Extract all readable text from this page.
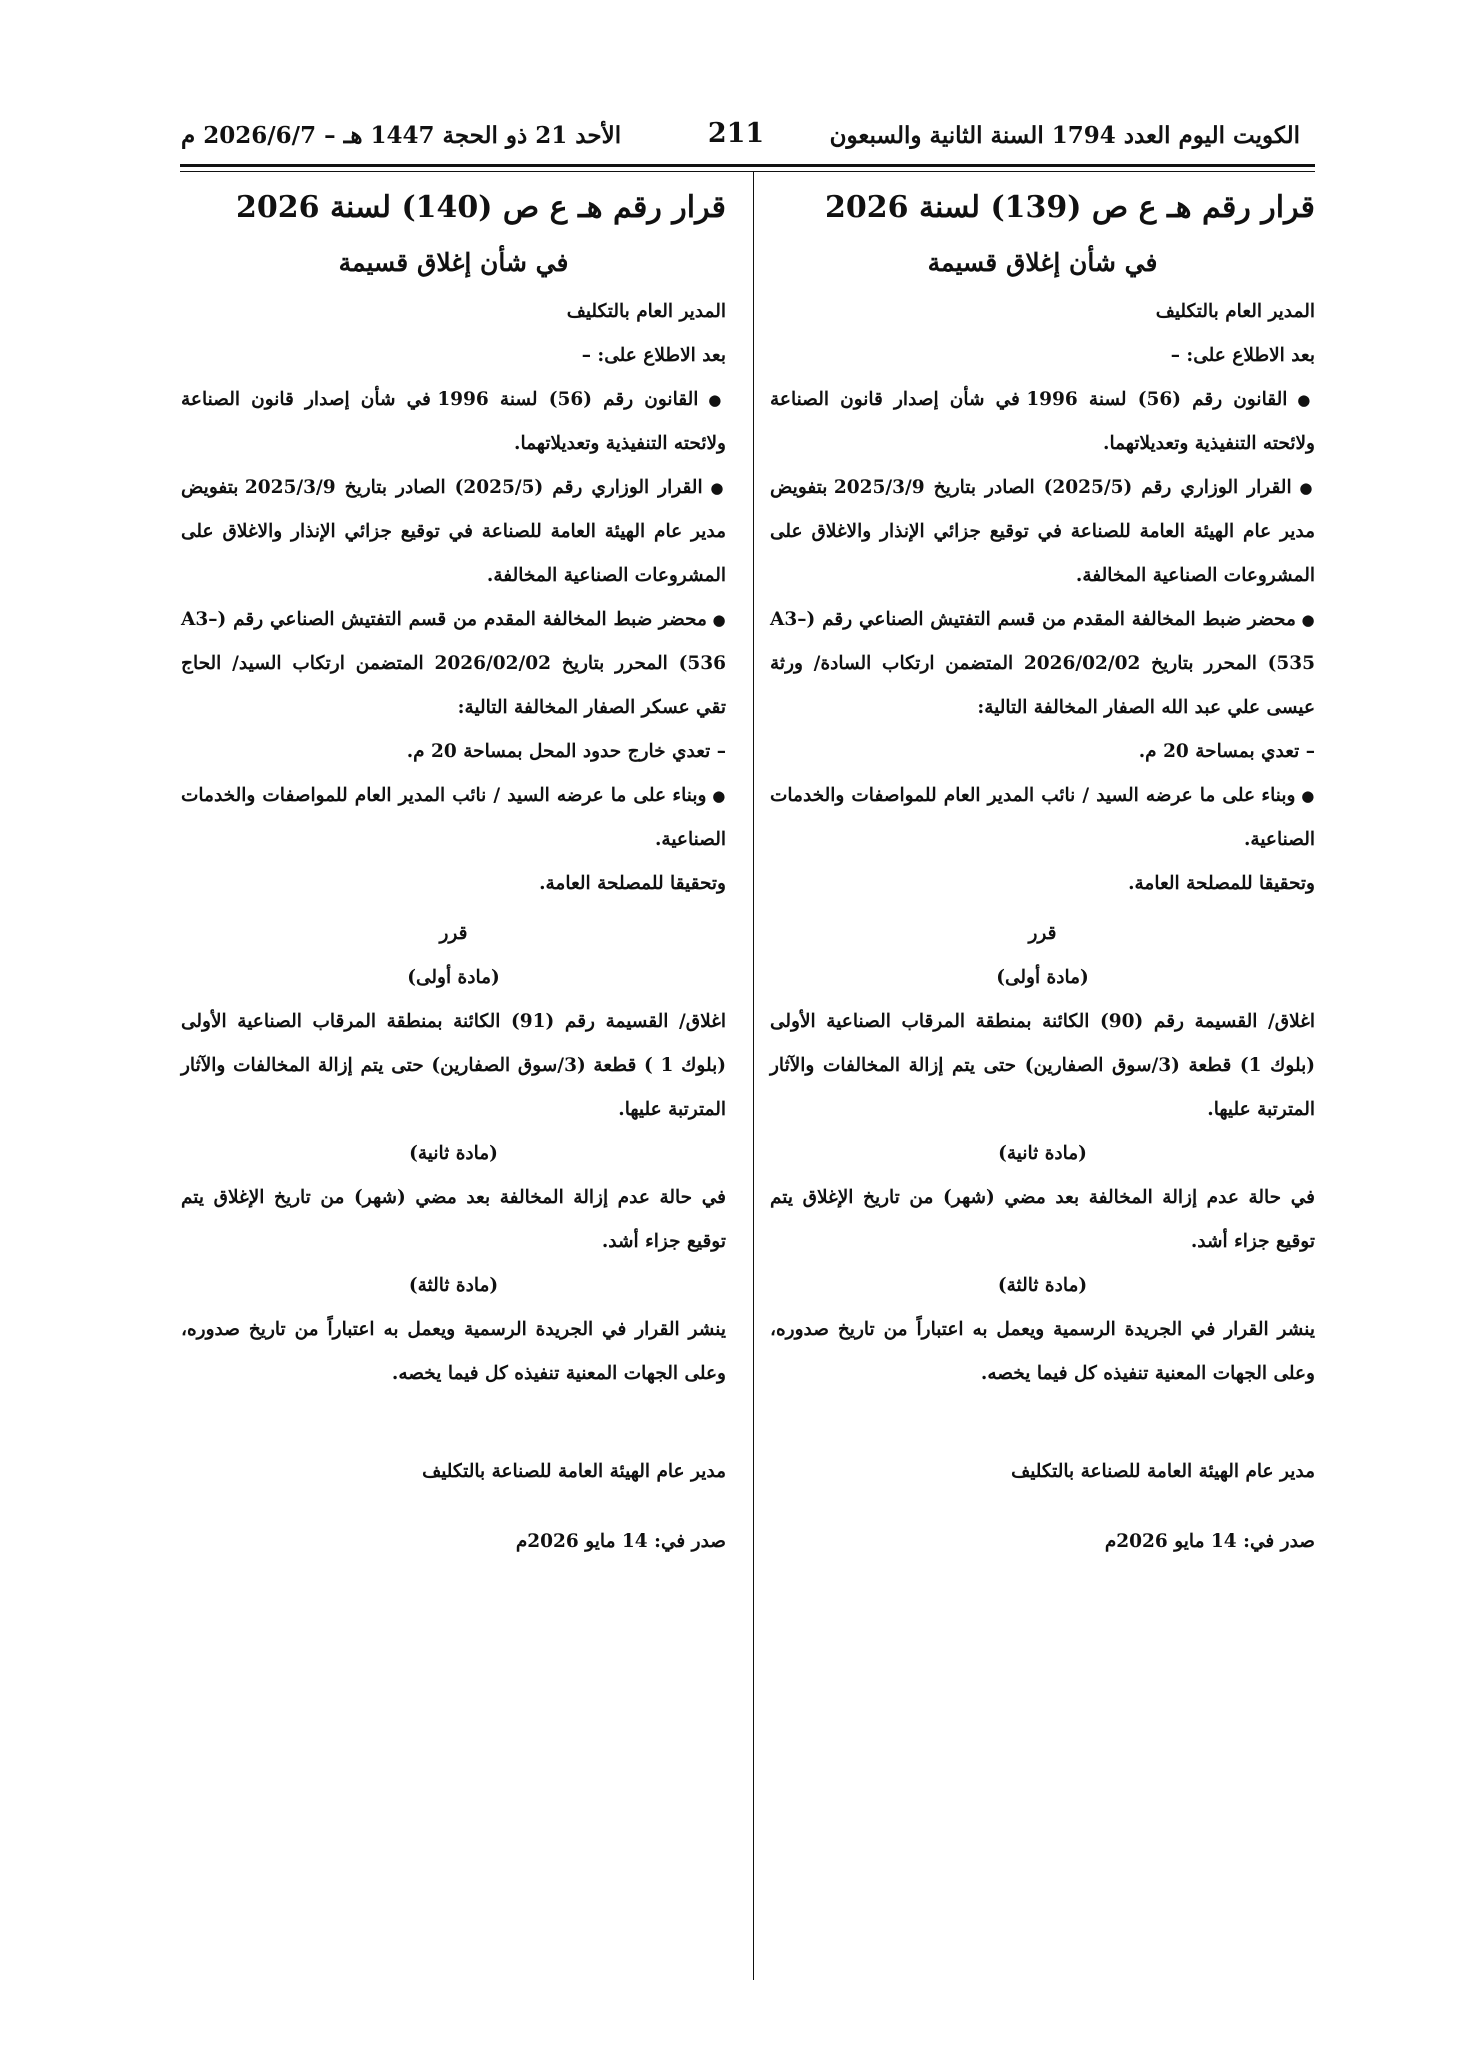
الكويت اليوم العدد 1794 السنة الثانية والسبعون
211
الأحد 21 ذو الحجة 1447 هـ – 2026/6/7 م
قرار رقم هـ ع ص (139) لسنة 2026
في شأن إغلاق قسيمة

المدير العام بالتكليف

بعد الاطلاع على: –

● القانون رقم (56) لسنة 1996 في شأن إصدار قانون الصناعة ولائحته التنفيذية وتعديلاتهما.

● القرار الوزاري رقم (2025/5) الصادر بتاريخ 2025/3/9 بتفويض مدير عام الهيئة العامة للصناعة في توقيع جزائي الإنذار والاغلاق على المشروعات الصناعية المخالفة.

● محضر ضبط المخالفة المقدم من قسم التفتيش الصناعي رقم (A3–535) المحرر بتاريخ 2026/02/02 المتضمن ارتكاب السادة/ ورثة عيسى علي عبد الله الصفار المخالفة التالية:

– تعدي بمساحة 20 م.

● وبناء على ما عرضه السيد / نائب المدير العام للمواصفات والخدمات الصناعية.

وتحقيقا للمصلحة العامة.

قرر

(مادة أولى)

اغلاق/ القسيمة رقم (90) الكائنة بمنطقة المرقاب الصناعية الأولى (بلوك 1) قطعة (3/سوق الصفارين) حتى يتم إزالة المخالفات والآثار المترتبة عليها.

(مادة ثانية)

في حالة عدم إزالة المخالفة بعد مضي (شهر) من تاريخ الإغلاق يتم توقيع جزاء أشد.

(مادة ثالثة)

ينشر القرار في الجريدة الرسمية ويعمل به اعتباراً من تاريخ صدوره، وعلى الجهات المعنية تنفيذه كل فيما يخصه.

مدير عام الهيئة العامة للصناعة بالتكليف

صدر في: 14 مايو 2026م

قرار رقم هـ ع ص (140) لسنة 2026
في شأن إغلاق قسيمة

المدير العام بالتكليف

بعد الاطلاع على: –

● القانون رقم (56) لسنة 1996 في شأن إصدار قانون الصناعة ولائحته التنفيذية وتعديلاتهما.

● القرار الوزاري رقم (2025/5) الصادر بتاريخ 2025/3/9 بتفويض مدير عام الهيئة العامة للصناعة في توقيع جزائي الإنذار والاغلاق على المشروعات الصناعية المخالفة.

● محضر ضبط المخالفة المقدم من قسم التفتيش الصناعي رقم (A3–536) المحرر بتاريخ 2026/02/02 المتضمن ارتكاب السيد/ الحاج تقي عسكر الصفار المخالفة التالية:

– تعدي خارج حدود المحل بمساحة 20 م.

● وبناء على ما عرضه السيد / نائب المدير العام للمواصفات والخدمات الصناعية.

وتحقيقا للمصلحة العامة.

قرر

(مادة أولى)

اغلاق/ القسيمة رقم (91) الكائنة بمنطقة المرقاب الصناعية الأولى (بلوك 1 ) قطعة (3/سوق الصفارين) حتى يتم إزالة المخالفات والآثار المترتبة عليها.

(مادة ثانية)

في حالة عدم إزالة المخالفة بعد مضي (شهر) من تاريخ الإغلاق يتم توقيع جزاء أشد.

(مادة ثالثة)

ينشر القرار في الجريدة الرسمية ويعمل به اعتباراً من تاريخ صدوره، وعلى الجهات المعنية تنفيذه كل فيما يخصه.

مدير عام الهيئة العامة للصناعة بالتكليف

صدر في: 14 مايو 2026م
